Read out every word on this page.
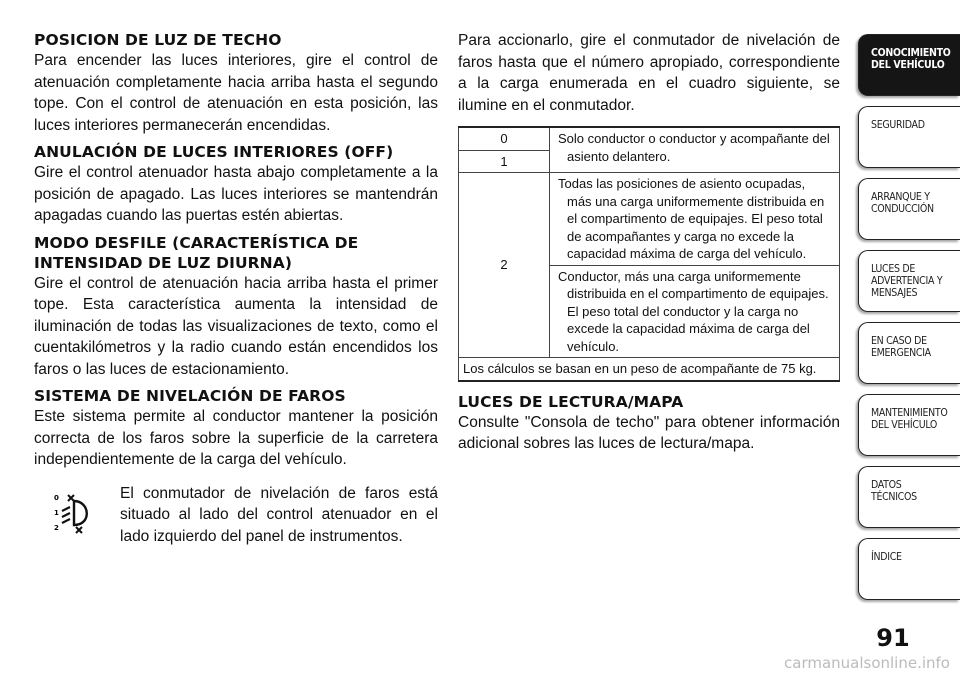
POSICION DE LUZ DE TECHO

Para encender las luces interiores, gire el control de atenuación completamente hacia arriba hasta el segundo tope. Con el control de atenuación en esta posición, las luces interiores permanecerán encendidas.

ANULACIÓN DE LUCES INTERIORES (OFF)

Gire el control atenuador hasta abajo completamente a la posición de apagado. Las luces interiores se mantendrán apagadas cuando las puertas estén abiertas.

MODO DESFILE (CARACTERÍSTICA DE
INTENSIDAD DE LUZ DIURNA)

Gire el control de atenuación hacia arriba hasta el primer tope. Esta característica aumenta la intensidad de iluminación de todas las visualizaciones de texto, como el cuentakilómetros y la radio cuando están encendidos los faros o las luces de estacionamiento.

SISTEMA DE NIVELACIÓN DE FAROS

Este sistema permite al conductor mantener la posición correcta de los faros sobre la superficie de la carretera independientemente de la carga del vehículo.

0
1
2

El conmutador de nivelación de faros está situado al lado del control atenuador en el lado izquierdo del panel de instrumentos.

Para accionarlo, gire el conmutador de nivelación de faros hasta que el número apropiado, correspondiente a la carga enumerada en el cuadro siguiente, se ilumine en el conmutador.

0	Solo conductor o conductor y acompañante del asiento delantero.

1	
2	Todas las posiciones de asiento ocupadas, más una carga uniformemente distribuida en el compartimento de equipajes. El peso total de acompañantes y carga no excede la capacidad máxima de carga del vehículo.

	Conductor, más una carga uniformemente distribuida en el compartimento de equipajes. El peso total del conductor y la carga no excede la capacidad máxima de carga del vehículo.

Los cálculos se basan en un peso de acompañante de 75 kg.	
LUCES DE LECTURA/MAPA

Consulte "Consola de techo" para obtener información adicional sobres las luces de lectura/mapa.

CONOCIMIENTO
DEL VEHÍCULO
SEGURIDAD
ARRANQUE Y
CONDUCCIÓN
LUCES DE
ADVERTENCIA Y
MENSAJES
EN CASO DE
EMERGENCIA
MANTENIMIENTO
DEL VEHÍCULO
DATOS
TÉCNICOS
ÍNDICE
91
carmanualsonline.info
